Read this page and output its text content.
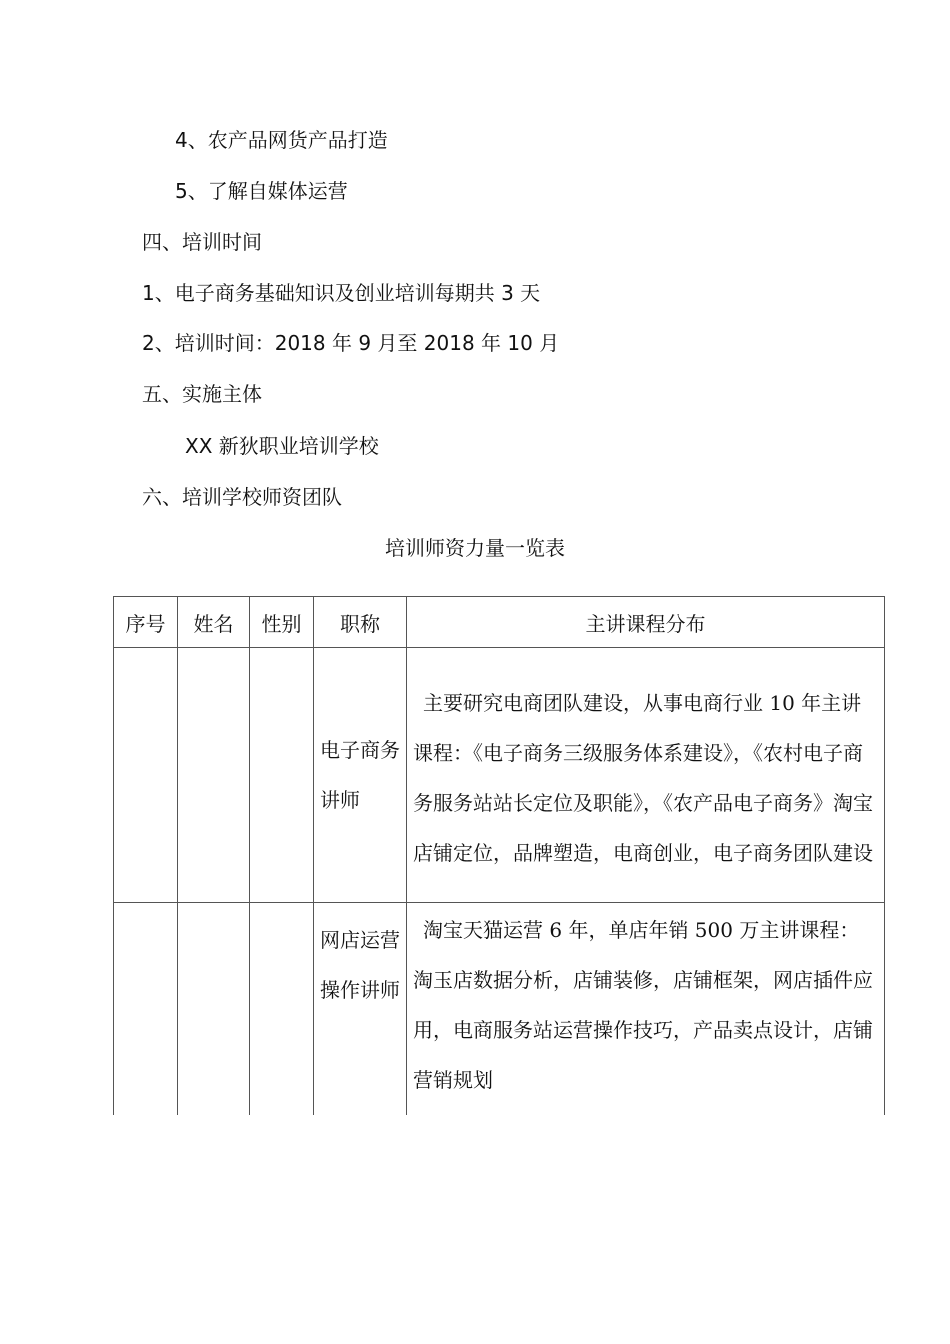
4、农产品网货产品打造
5、了解自媒体运营
四、培训时间
1、电子商务基础知识及创业培训每期共 3 天
2、培训时间：2018 年 9 月至 2018 年 10 月
五、实施主体
XX 新狄职业培训学校
六、培训学校师资团队
培训师资力量一览表
序号	姓名	性别	职称	主讲课程分布
			电子商务讲师	主要研究电商团队建设，从事电商行业 10 年主讲课程：《电子商务三级服务体系建设》，《农村电子商务服务站站长定位及职能》，《农产品电子商务》淘宝店铺定位，品牌塑造，电商创业，电子商务团队建设
			网店运营操作讲师	淘宝天猫运营 6 年，单店年销 500 万主讲课程：淘玉店数据分析，店铺装修，店铺框架，网店插件应用，电商服务站运营操作技巧，产品卖点设计，店铺营销规划
